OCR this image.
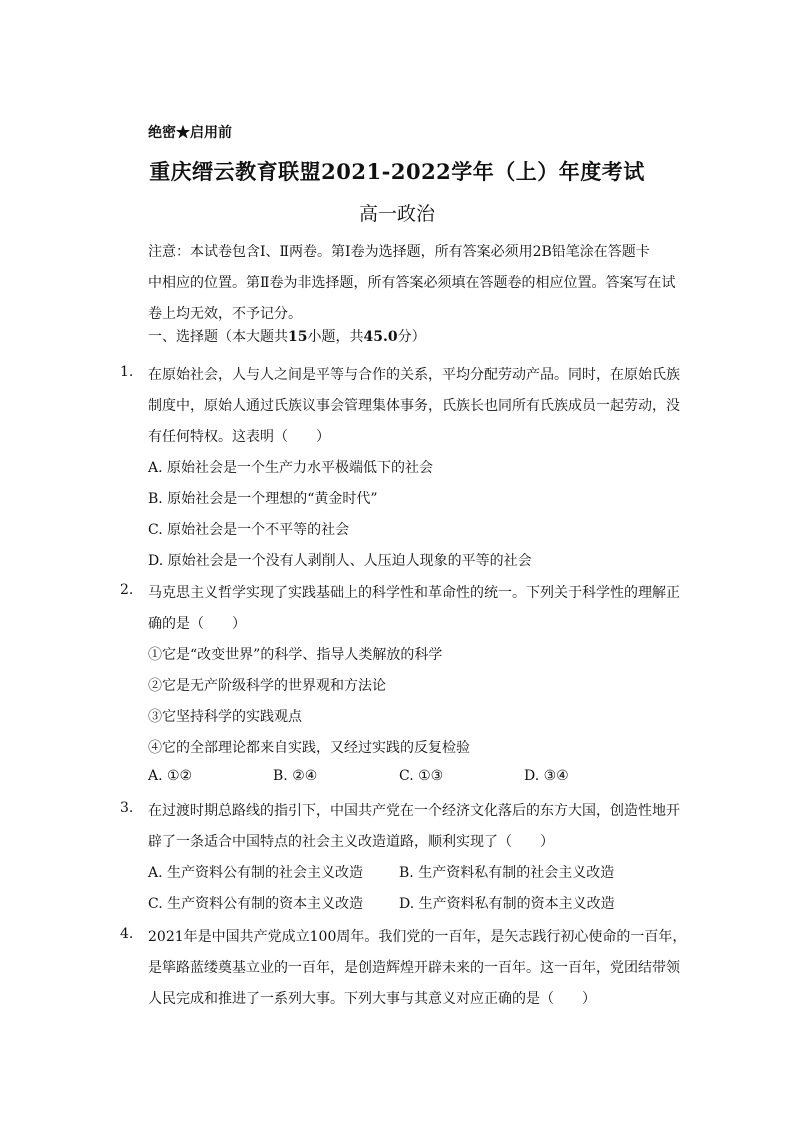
绝密★启用前
重庆缙云教育联盟2021-2022学年（上）年度考试
高一政治
注意：本试卷包含Ⅰ、Ⅱ两卷。第Ⅰ卷为选择题，所有答案必须用2B铅笔涂在答题卡
中相应的位置。第Ⅱ卷为非选择题，所有答案必须填在答题卷的相应位置。答案写在试
卷上均无效，不予记分。
一、选择题（本大题共15小题，共45.0分）
1. 在原始社会，人与人之间是平等与合作的关系，平均分配劳动产品。同时，在原始氏族
制度中，原始人通过氏族议事会管理集体事务，氏族长也同所有氏族成员一起劳动，没
有任何特权。这表明（　　）
A. 原始社会是一个生产力水平极端低下的社会
B. 原始社会是一个理想的“黄金时代”
C. 原始社会是一个不平等的社会
D. 原始社会是一个没有人剥削人、人压迫人现象的平等的社会
2. 马克思主义哲学实现了实践基础上的科学性和革命性的统一。下列关于科学性的理解正
确的是（　　）
①它是“改变世界”的科学、指导人类解放的科学
②它是无产阶级科学的世界观和方法论
③它坚持科学的实践观点
④它的全部理论都来自实践，又经过实践的反复检验
A. ①②	B. ②④	C. ①③	D. ③④
3. 在过渡时期总路线的指引下，中国共产党在一个经济文化落后的东方大国，创造性地开
辟了一条适合中国特点的社会主义改造道路，顺利实现了（　　）
A. 生产资料公有制的社会主义改造	B. 生产资料私有制的社会主义改造
C. 生产资料公有制的资本主义改造	D. 生产资料私有制的资本主义改造
4. 2021年是中国共产党成立100周年。我们党的一百年，是矢志践行初心使命的一百年，
是筚路蓝缕奠基立业的一百年，是创造辉煌开辟未来的一百年。这一百年，党团结带领
人民完成和推进了一系列大事。下列大事与其意义对应正确的是（　　）
